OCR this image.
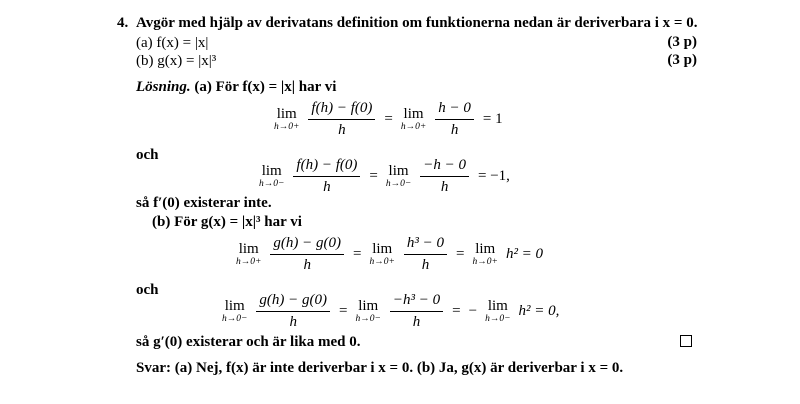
4. Avgör med hjälp av derivatans definition om funktionerna nedan är deriverbara i x = 0.
(a) f(x) = |x|	(3 p)
(b) g(x) = |x|³	(3 p)
Lösning. (a) För f(x) = |x| har vi
lim
$h\to 0+ \frac{f(h) - f(0)}{h} = \lim$
$h\to 0+ \frac{h - 0}{h} = 1$
och
lim
$h\to 0- \frac{f(h) - f(0)}{h} = \lim$
$h\to 0- \frac{-h - 0}{h} = -1$,
så f′(0) existerar inte.
(b) För g(x) = |x|³ har vi
lim
$h\to 0+ \frac{g(h) - g(0)}{h} = \lim$
$h\to 0+ \frac{\text{h³ − 0}}{h} = \lim$
h→0+ h² = 0
och
lim
$h\to 0- \frac{g(h) - g(0)}{h} = \lim$
$h\to 0- \frac{\text{−h³ − 0}}{h}$ = − lim
h→0− h² = 0,
så g′(0) existerar och är lika med 0.
Svar: (a) Nej, f(x) är inte deriverbar i x = 0. (b) Ja, g(x) är deriverbar i x = 0.
